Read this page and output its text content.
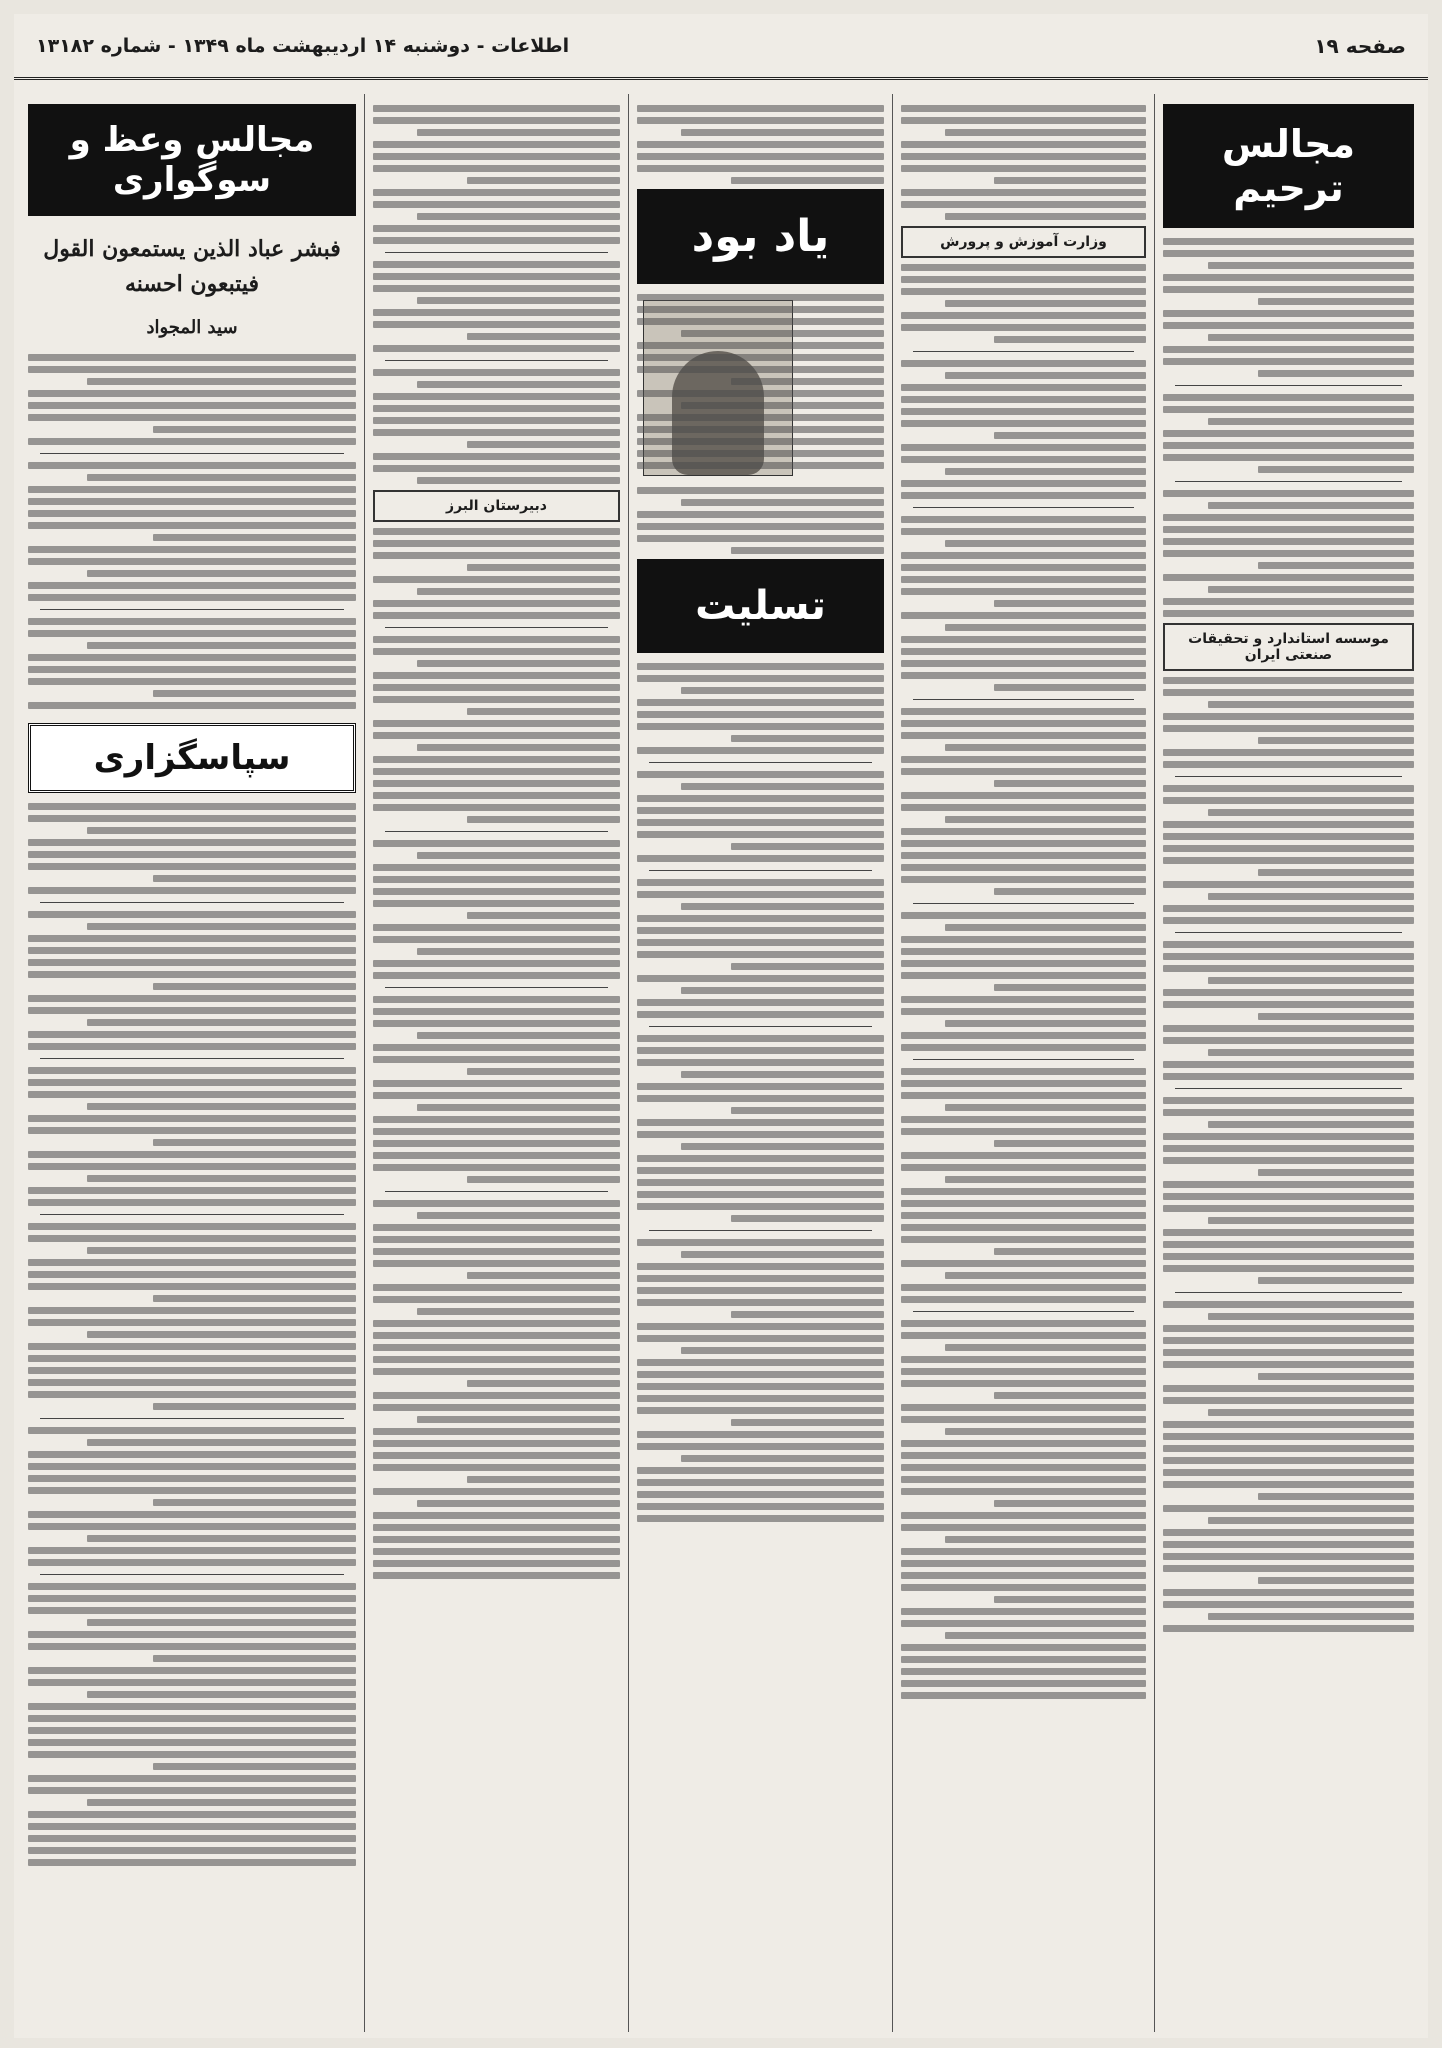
صفحه ۱۹
اطلاعات - دوشنبه ۱۴ اردیبهشت ماه ۱۳۴۹ - شماره ۱۳۱۸۲
مجالس ترحيم
موسسه استاندارد و تحقيقات صنعتی ايران
وزارت آموزش و پرورش
ياد بود
تسليت
دبيرستان البرز
مجالس وعظ و سوگواری
فبشر عباد الذين يستمعون القول فيتبعون احسنه
سيد المجواد
سپاسگزاری
